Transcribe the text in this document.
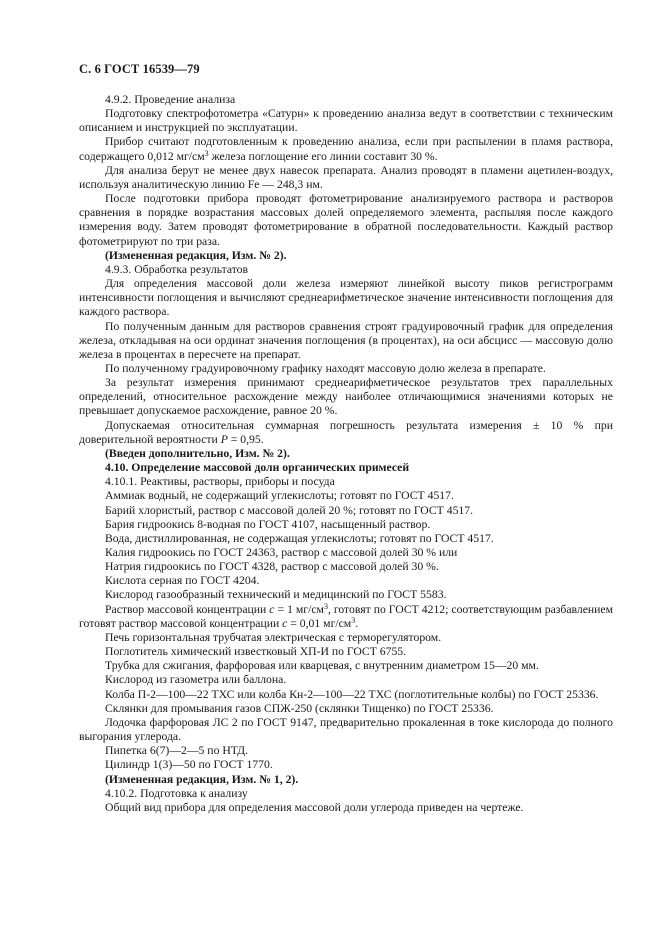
С. 6 ГОСТ 16539—79

4.9.2. Проведение анализа

Подготовку спектрофотометра «Сатурн» к проведению анализа ведут в соответствии с техническим описанием и инструкцией по эксплуатации.

Прибор считают подготовленным к проведению анализа, если при распылении в пламя раствора, содержащего 0,012 $мг/см^3$ железа поглощение его линии составит 30 %.

Для анализа берут не менее двух навесок препарата. Анализ проводят в пламени ацетилен-воздух, используя аналитическую линию Fe — 248,3 нм.

После подготовки прибора проводят фотометрирование анализируемого раствора и растворов сравнения в порядке возрастания массовых долей определяемого элемента, распыляя после каждого измерения воду. Затем проводят фотометрирование в обратной последовательности. Каждый раствор фотометрируют по три раза.

(Измененная редакция, Изм. № 2).

4.9.3. Обработка результатов

Для определения массовой доли железа измеряют линейкой высоту пиков регистрограмм интенсивности поглощения и вычисляют среднеарифметическое значение интенсивности поглощения для каждого раствора.

По полученным данным для растворов сравнения строят градуировочный график для определения железа, откладывая на оси ординат значения поглощения (в процентах), на оси абсцисс — массовую долю железа в процентах в пересчете на препарат.

По полученному градуировочному графику находят массовую долю железа в препарате.

За результат измерения принимают среднеарифметическое результатов трех параллельных определений, относительное расхождение между наиболее отличающимися значениями которых не превышает допускаемое расхождение, равное 20 %.

Допускаемая относительная суммарная погрешность результата измерения ± 10 % при доверительной вероятности P = 0,95.

(Введен дополнительно, Изм. № 2).

4.10. Определение массовой доли органических примесей

4.10.1. Реактивы, растворы, приборы и посуда

Аммиак водный, не содержащий углекислоты; готовят по ГОСТ 4517.

Барий хлористый, раствор с массовой долей 20 %; готовят по ГОСТ 4517.

Бария гидроокись 8-водная по ГОСТ 4107, насыщенный раствор.

Вода, дистиллированная, не содержащая углекислоты; готовят по ГОСТ 4517.

Калия гидроокись по ГОСТ 24363, раствор с массовой долей 30 % или

Натрия гидроокись по ГОСТ 4328, раствор с массовой долей 30 %.

Кислота серная по ГОСТ 4204.

Кислород газообразный технический и медицинский по ГОСТ 5583.

Раствор массовой концентрации c = 1 $мг/см^3$, готовят по ГОСТ 4212; соответствующим разбавлением готовят раствор массовой концентрации c = 0,01 $мг/см^3$.

Печь горизонтальная трубчатая электрическая с терморегулятором.

Поглотитель химический известковый ХП-И по ГОСТ 6755.

Трубка для сжигания, фарфоровая или кварцевая, с внутренним диаметром 15—20 мм.

Кислород из газометра или баллона.

Колба П-2—100—22 ТХС или колба Кн-2—100—22 ТХС (поглотительные колбы) по ГОСТ 25336.

Склянки для промывания газов СПЖ-250 (склянки Тищенко) по ГОСТ 25336.

Лодочка фарфоровая ЛС 2 по ГОСТ 9147, предварительно прокаленная в токе кислорода до полного выгорания углерода.

Пипетка 6(7)—2—5 по НТД.

Цилиндр 1(3)—50 по ГОСТ 1770.

(Измененная редакция, Изм. № 1, 2).

4.10.2. Подготовка к анализу

Общий вид прибора для определения массовой доли углерода приведен на чертеже.
